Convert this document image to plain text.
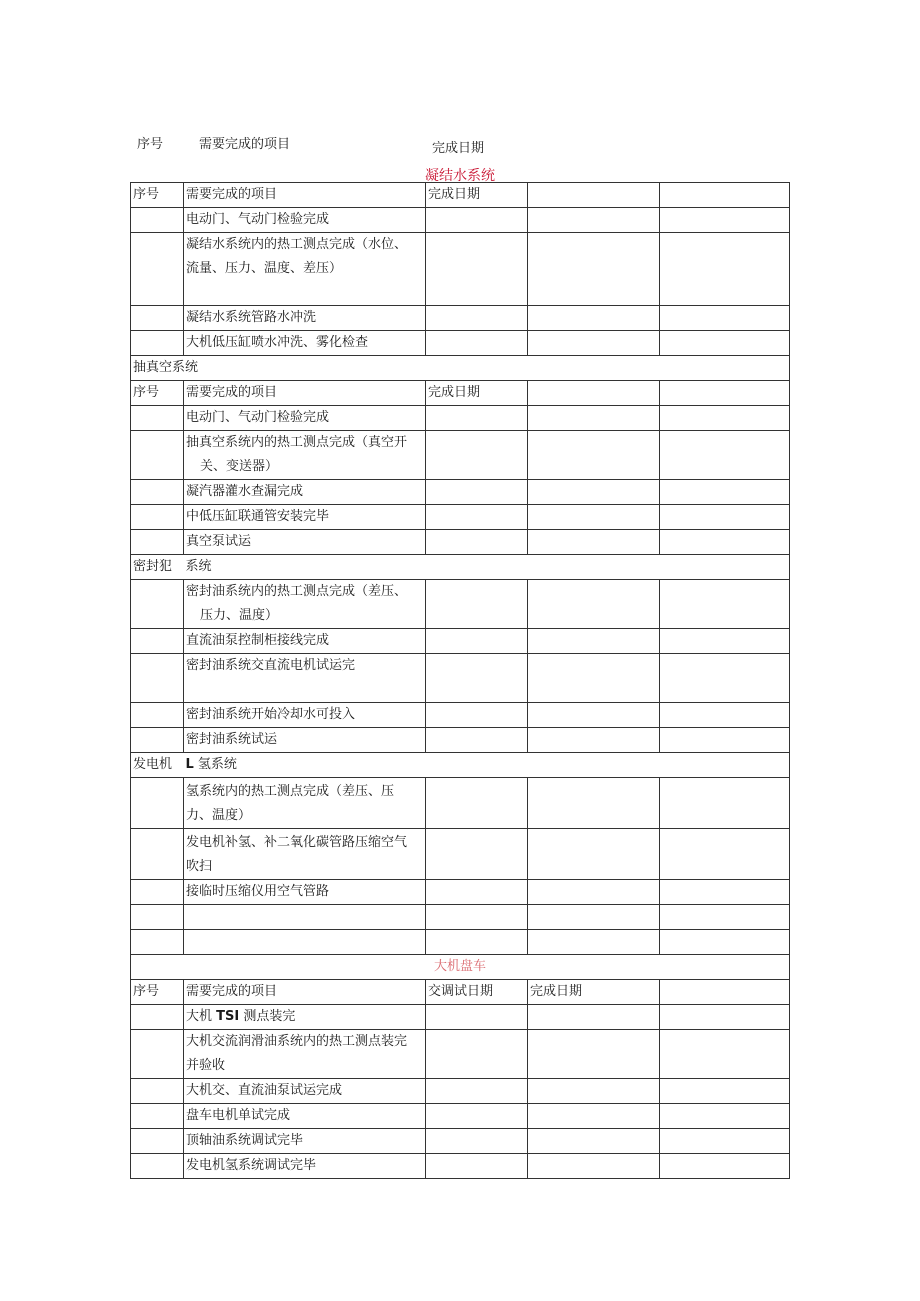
序号	需要完成的项目	完成日期
凝结水系统
序号	需要完成的项目	完成日期		
	电动门、气动门检验完成			
	凝结水系统内的热工测点完成（水位、
流量、压力、温度、差压）			
	凝结水系统管路水冲洗			
	大机低压缸喷水冲洗、雾化检查			
抽真空系统				
序号	需要完成的项目	完成日期		
	电动门、气动门检验完成			
	抽真空系统内的热工测点完成（真空开
关、变送器）			

	凝汽器灌水查漏完成			
	中低压缸联通管安装完毕			
	真空泵试运			
密封犯	系统			
	密封油系统内的热工测点完成（差压、
压力、温度）			

	直流油泵控制柜接线完成			
	密封油系统交直流电机试运完			
	密封油系统开始冷却水可投入			
	密封油系统试运			
发电机	L 氢系统			
	氢系统内的热工测点完成（差压、压
力、温度）			
	发电机补氢、补二氧化碳管路压缩空气
吹扫			
	接临时压缩仪用空气管路			

大机盘车				
序号	需要完成的项目	交调试日期	完成日期	
	大机 TSI 测点装完			
	大机交流润滑油系统内的热工测点装完
并验收			
	大机交、直流油泵试运完成			
	盘车电机单试完成			
	顶轴油系统调试完毕			
	发电机氢系统调试完毕			
